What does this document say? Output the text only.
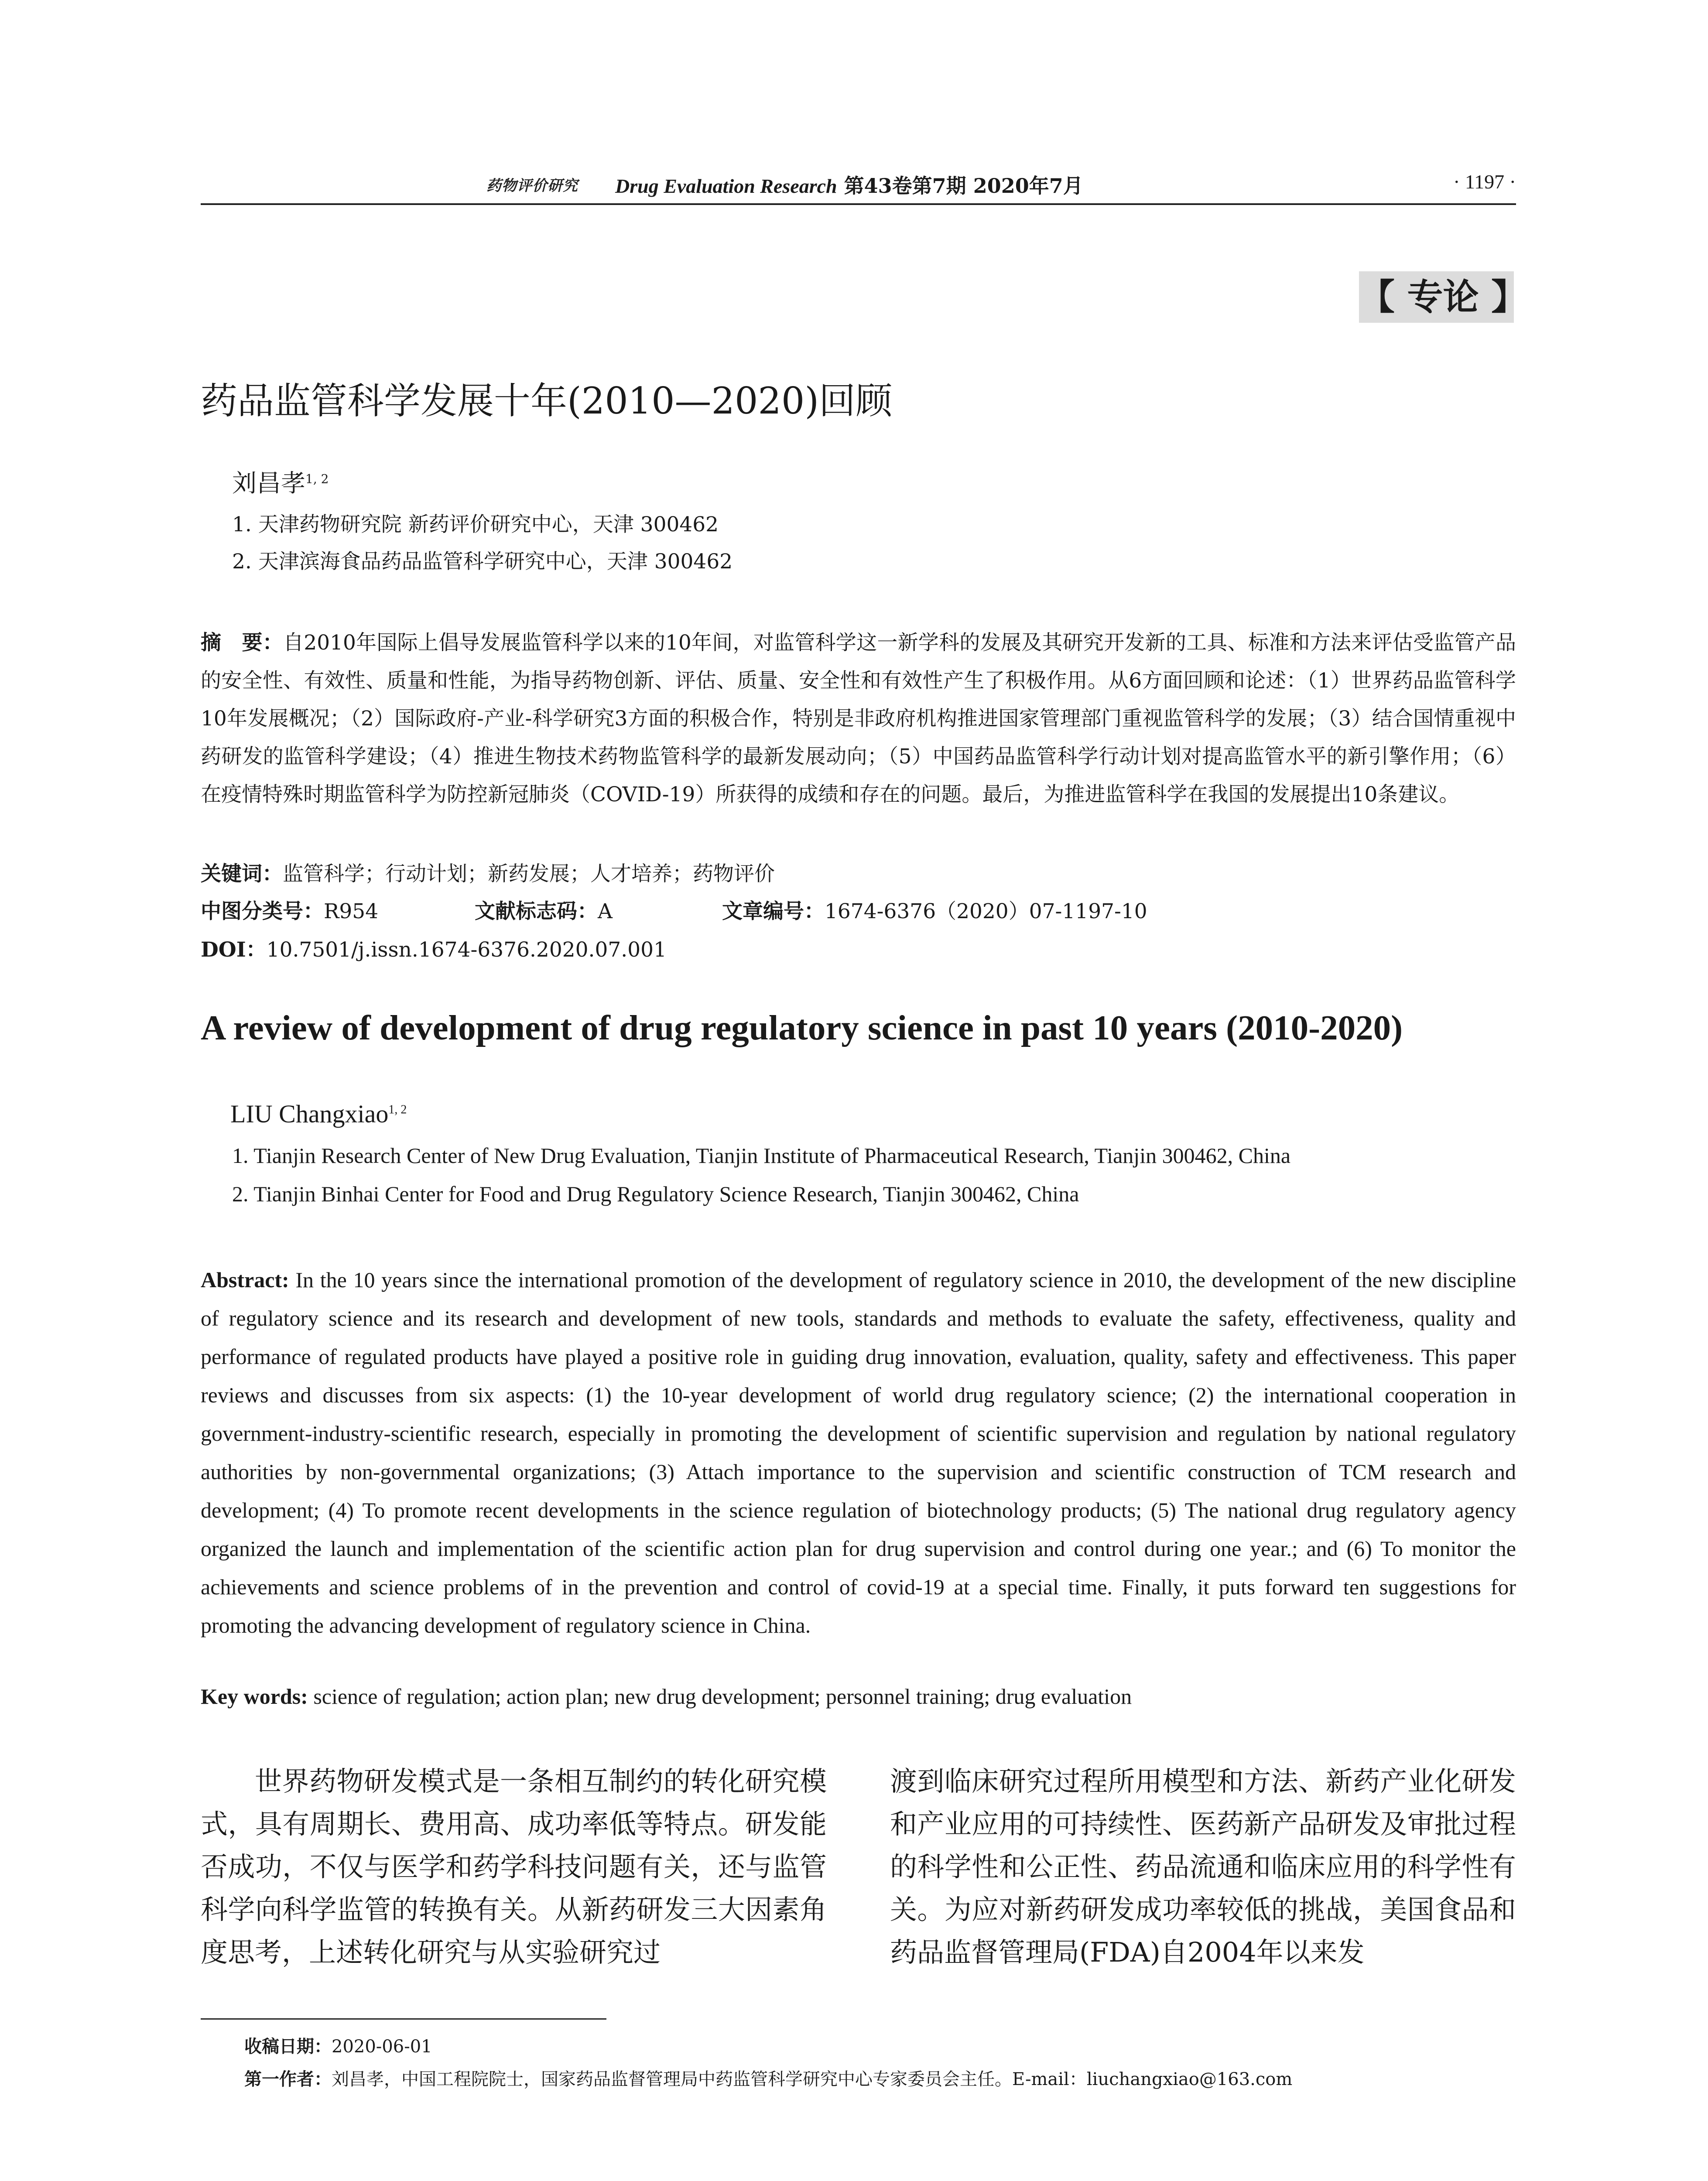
药物评价研究 Drug Evaluation Research 第43卷第7期 2020年7月	· 1197 ·
【 专论 】
药品监管科学发展十年(2010—2020)回顾
刘昌孝$^{1, 2}$
1. 天津药物研究院 新药评价研究中心，天津 300462
2. 天津滨海食品药品监管科学研究中心，天津 300462
摘　要：自2010年国际上倡导发展监管科学以来的10年间，对监管科学这一新学科的发展及其研究开发新的工具、标准和方法来评估受监管产品的安全性、有效性、质量和性能，为指导药物创新、评估、质量、安全性和有效性产生了积极作用。从6方面回顾和论述：（1）世界药品监管科学10年发展概况；（2）国际政府-产业-科学研究3方面的积极合作，特别是非政府机构推进国家管理部门重视监管科学的发展；（3）结合国情重视中药研发的监管科学建设；（4）推进生物技术药物监管科学的最新发展动向；（5）中国药品监管科学行动计划对提高监管水平的新引擎作用；（6）在疫情特殊时期监管科学为防控新冠肺炎（COVID-19）所获得的成绩和存在的问题。最后，为推进监管科学在我国的发展提出10条建议。
关键词：监管科学；行动计划；新药发展；人才培养；药物评价
中图分类号：R954	文献标志码：A	文章编号：1674-6376（2020）07-1197-10
DOI：10.7501/j.issn.1674-6376.2020.07.001
A review of development of drug regulatory science in past 10 years (2010-2020)
LIU Changxiao$^{1, 2}$
1. Tianjin Research Center of New Drug Evaluation, Tianjin Institute of Pharmaceutical Research, Tianjin 300462, China
2. Tianjin Binhai Center for Food and Drug Regulatory Science Research, Tianjin 300462, China
Abstract: In the 10 years since the international promotion of the development of regulatory science in 2010, the development of the new discipline of regulatory science and its research and development of new tools, standards and methods to evaluate the safety, effectiveness, quality and performance of regulated products have played a positive role in guiding drug innovation, evaluation, quality, safety and effectiveness. This paper reviews and discusses from six aspects: (1) the 10-year development of world drug regulatory science; (2) the international cooperation in government-industry-scientific research, especially in promoting the development of scientific supervision and regulation by national regulatory authorities by non-governmental organizations; (3) Attach importance to the supervision and scientific construction of TCM research and development; (4) To promote recent developments in the science regulation of biotechnology products; (5) The national drug regulatory agency organized the launch and implementation of the scientific action plan for drug supervision and control during one year.; and (6) To monitor the achievements and science problems of in the prevention and control of covid-19 at a special time. Finally, it puts forward ten suggestions for promoting the advancing development of regulatory science in China.
Key words: science of regulation; action plan; new drug development; personnel training; drug evaluation
世界药物研发模式是一条相互制约的转化研究模式，具有周期长、费用高、成功率低等特点。研发能否成功，不仅与医学和药学科技问题有关，还与监管科学向科学监管的转换有关。从新药研发三大因素角度思考，上述转化研究与从实验研究过
渡到临床研究过程所用模型和方法、新药产业化研发和产业应用的可持续性、医药新产品研发及审批过程的科学性和公正性、药品流通和临床应用的科学性有关。为应对新药研发成功率较低的挑战，美国食品和药品监督管理局(FDA)自2004年以来发
收稿日期：2020-06-01
第一作者：刘昌孝，中国工程院院士，国家药品监督管理局中药监管科学研究中心专家委员会主任。E-mail：liuchangxiao@163.com
